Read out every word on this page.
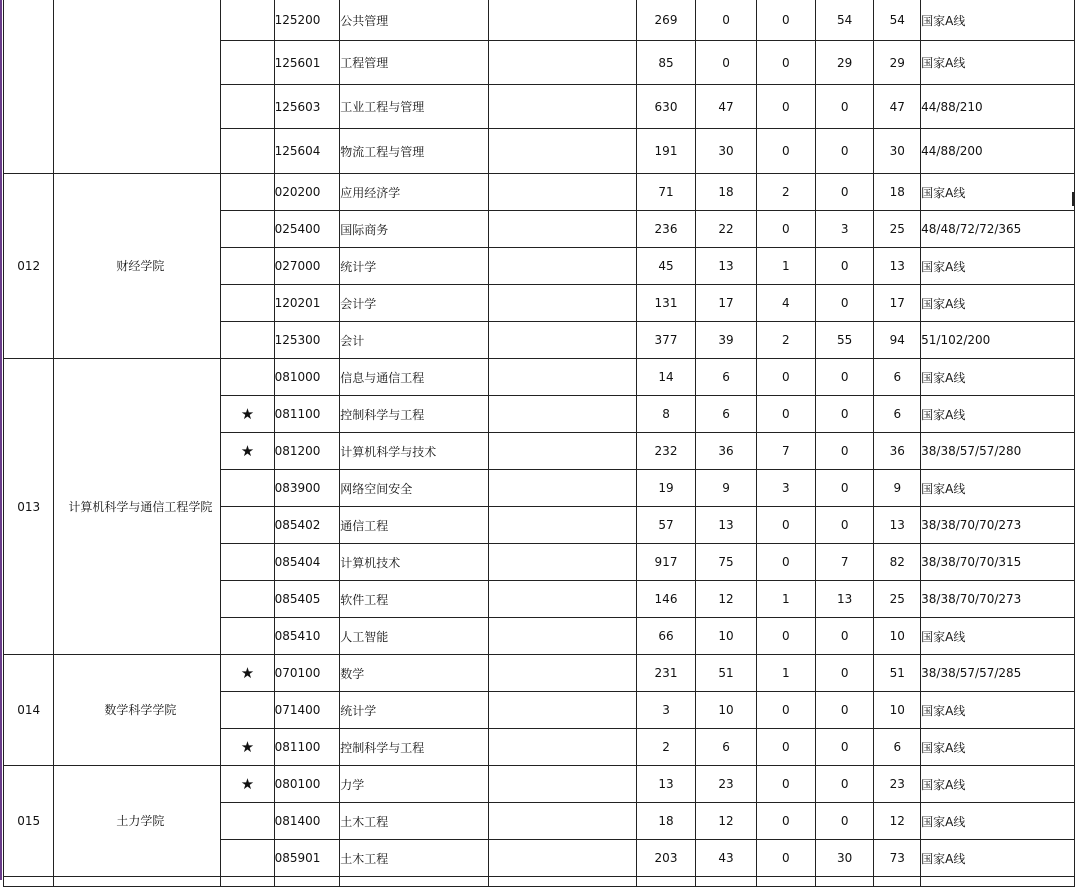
			125200	公共管理		269	0	0	54	54	国家A线
			125601	工程管理		85	0	0	29	29	国家A线
			125603	工业工程与管理		630	47	0	0	47	44/88/210
			125604	物流工程与管理		191	30	0	0	30	44/88/200
012	财经学院		020200	应用经济学		71	18	2	0	18	国家A线
			025400	国际商务		236	22	0	3	25	48/48/72/72/365
			027000	统计学		45	13	1	0	13	国家A线
			120201	会计学		131	17	4	0	17	国家A线
			125300	会计		377	39	2	55	94	51/102/200
013	计算机科学与通信工程学院		081000	信息与通信工程		14	6	0	0	6	国家A线
		★	081100	控制科学与工程		8	6	0	0	6	国家A线
		★	081200	计算机科学与技术		232	36	7	0	36	38/38/57/57/280
			083900	网络空间安全		19	9	3	0	9	国家A线
			085402	通信工程		57	13	0	0	13	38/38/70/70/273
			085404	计算机技术		917	75	0	7	82	38/38/70/70/315
			085405	软件工程		146	12	1	13	25	38/38/70/70/273
			085410	人工智能		66	10	0	0	10	国家A线
014	数学科学学院	★	070100	数学		231	51	1	0	51	38/38/57/57/285
			071400	统计学		3	10	0	0	10	国家A线
		★	081100	控制科学与工程		2	6	0	0	6	国家A线
015	土力学院	★	080100	力学		13	23	0	0	23	国家A线
			081400	土木工程		18	12	0	0	12	国家A线
			085901	土木工程		203	43	0	30	73	国家A线
